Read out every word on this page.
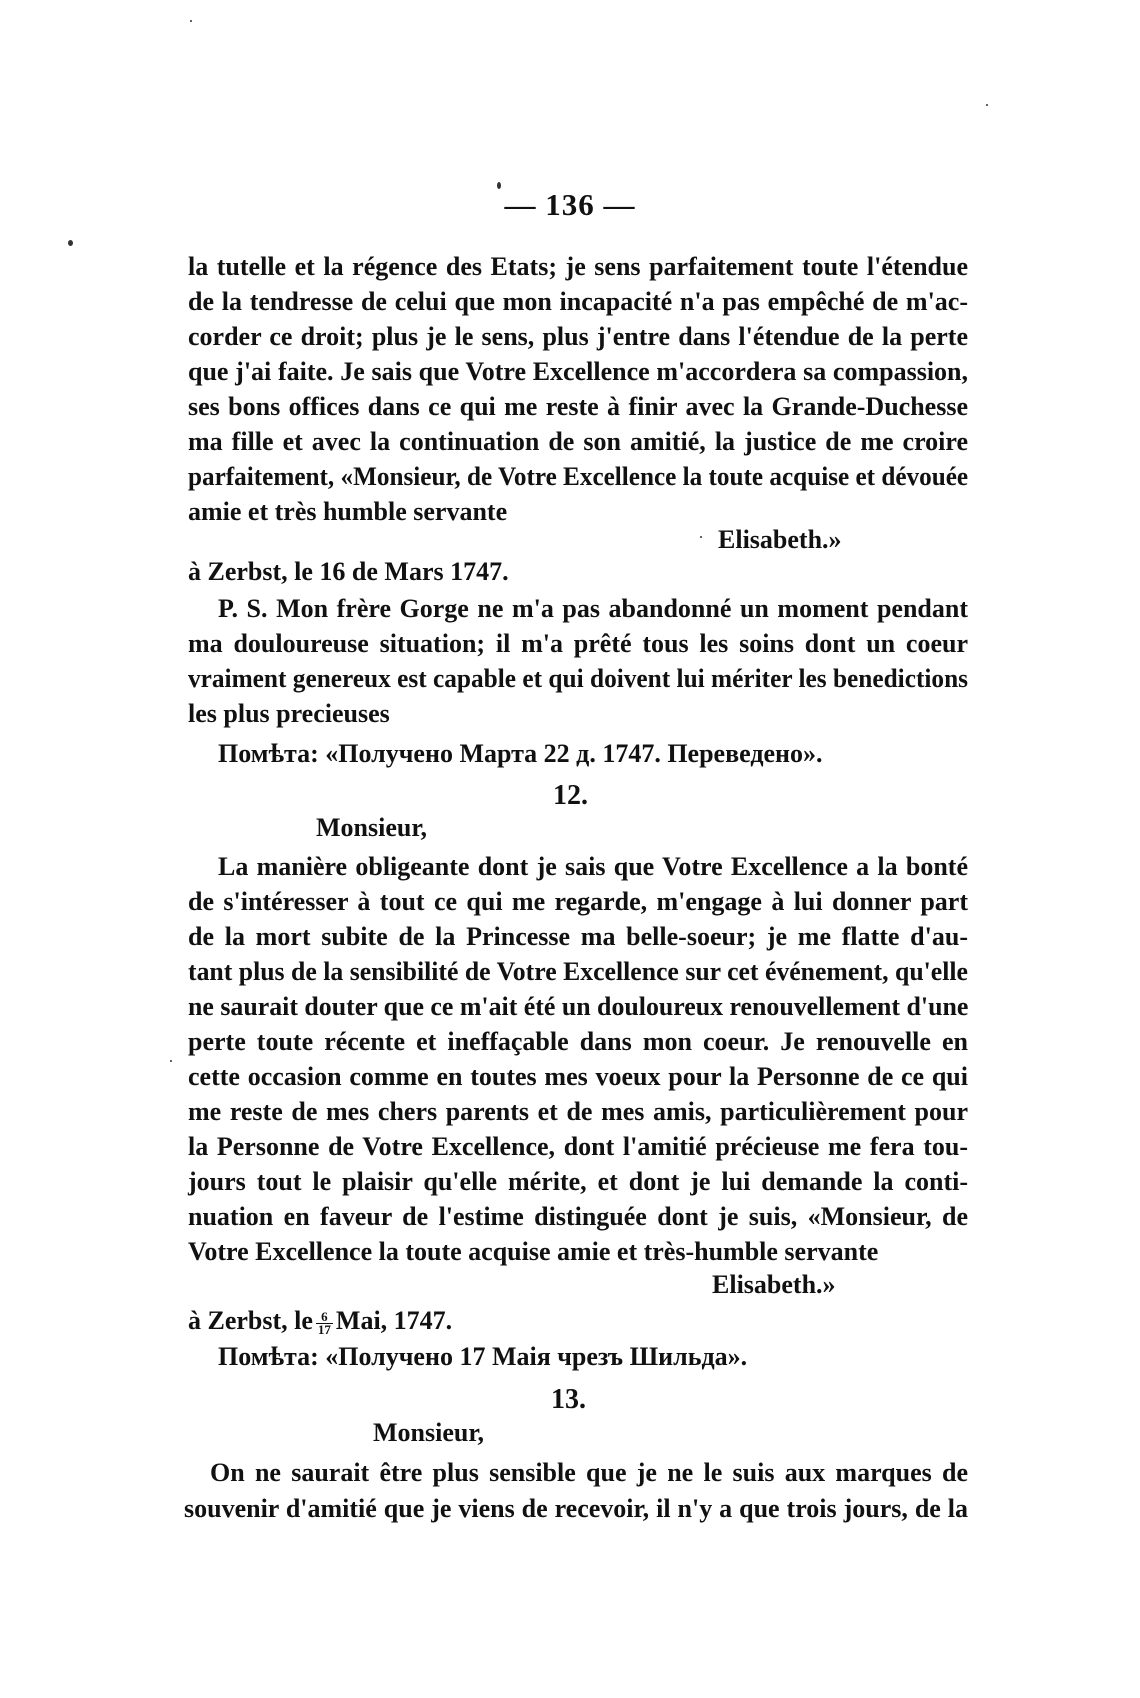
— 136 —
la tutelle et la régence des Etats; je sens parfaitement toute l'étendue
de la tendresse de celui que mon incapacité n'a pas empêché de m'ac-
corder ce droit; plus je le sens, plus j'entre dans l'étendue de la perte
que j'ai faite. Je sais que Votre Excellence m'accordera sa compassion,
ses bons offices dans ce qui me reste à finir avec la Grande-Duchesse
ma fille et avec la continuation de son amitié, la justice de me croire
parfaitement, «Monsieur, de Votre Excellence la toute acquise et dévouée
amie et très humble servante
Elisabeth.»
à Zerbst, le 16 de Mars 1747.
P. S. Mon frère Gorge ne m'a pas abandonné un moment pendant
ma douloureuse situation; il m'a prêté tous les soins dont un coeur
vraiment genereux est capable et qui doivent lui mériter les benedictions
les plus precieuses
Помѣта: «Получено Марта 22 д. 1747. Переведено».
12.
Monsieur,
La manière obligeante dont je sais que Votre Excellence a la bonté
de s'intéresser à tout ce qui me regarde, m'engage à lui donner part
de la mort subite de la Princesse ma belle-soeur; je me flatte d'au-
tant plus de la sensibilité de Votre Excellence sur cet événement, qu'elle
ne saurait douter que ce m'ait été un douloureux renouvellement d'une
perte toute récente et ineffaçable dans mon coeur. Je renouvelle en
cette occasion comme en toutes mes voeux pour la Personne de ce qui
me reste de mes chers parents et de mes amis, particulièrement pour
la Personne de Votre Excellence, dont l'amitié précieuse me fera tou-
jours tout le plaisir qu'elle mérite, et dont je lui demande la conti-
nuation en faveur de l'estime distinguée dont je suis, «Monsieur, de
Votre Excellence la toute acquise amie et très-humble servante
Elisabeth.»
à Zerbst, le $\frac{6}{17}$ Mai, 1747.
Помѣта: «Получено 17 Маія чрезъ Шильда».
13.
Monsieur,
On ne saurait être plus sensible que je ne le suis aux marques de
souvenir d'amitié que je viens de recevoir, il n'y a que trois jours, de la
